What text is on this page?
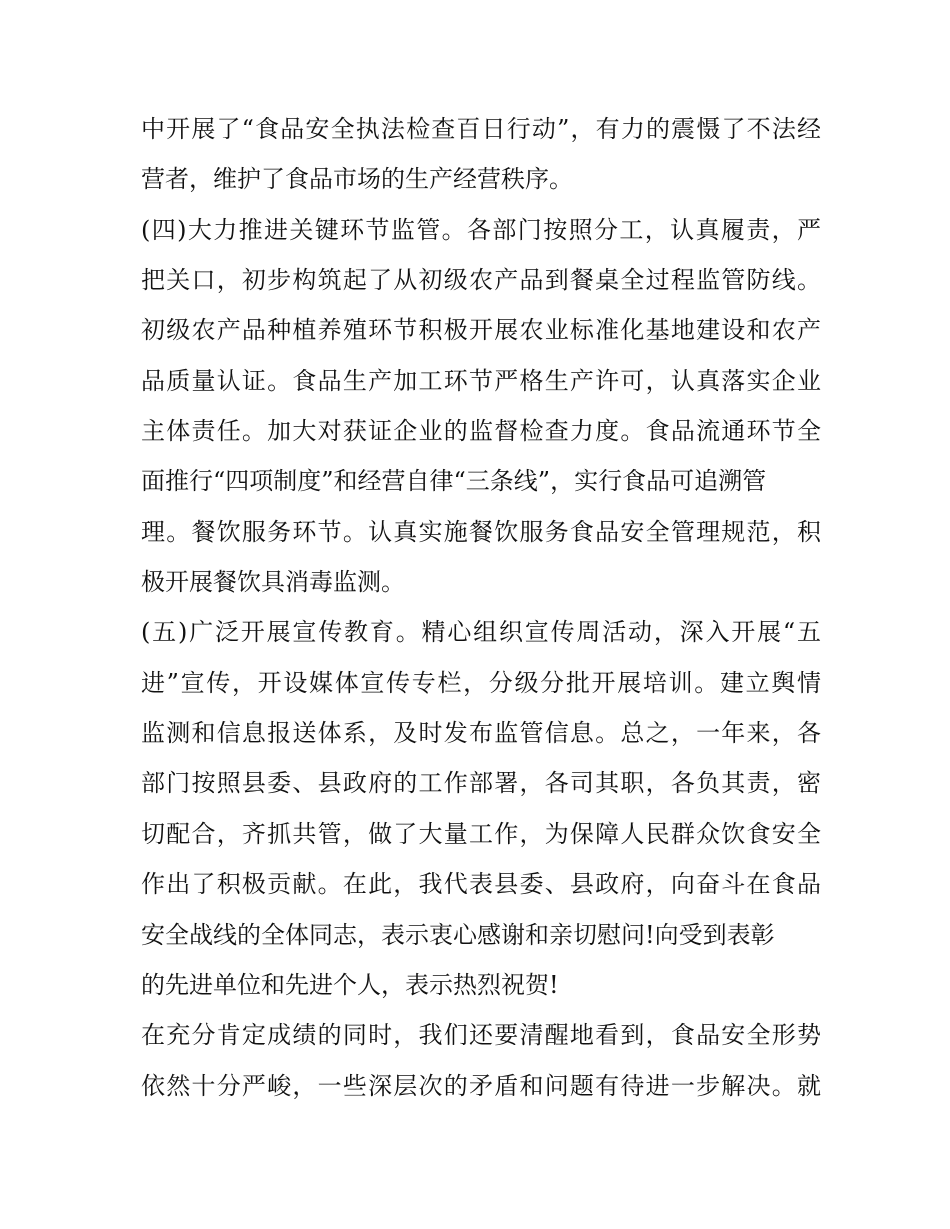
中开展了“食品安全执法检查百日行动”，有力的震慑了不法经
营者，维护了食品市场的生产经营秩序。
(四)大力推进关键环节监管。各部门按照分工，认真履责，严
把关口，初步构筑起了从初级农产品到餐桌全过程监管防线。
初级农产品种植养殖环节积极开展农业标准化基地建设和农产
品质量认证。食品生产加工环节严格生产许可，认真落实企业
主体责任。加大对获证企业的监督检查力度。食品流通环节全
面推行“四项制度”和经营自律“三条线”，实行食品可追溯管
理。餐饮服务环节。认真实施餐饮服务食品安全管理规范，积
极开展餐饮具消毒监测。
(五)广泛开展宣传教育。精心组织宣传周活动，深入开展“五
进”宣传，开设媒体宣传专栏，分级分批开展培训。建立舆情
监测和信息报送体系，及时发布监管信息。总之，一年来，各
部门按照县委、县政府的工作部署，各司其职，各负其责，密
切配合，齐抓共管，做了大量工作，为保障人民群众饮食安全
作出了积极贡献。在此，我代表县委、县政府，向奋斗在食品
安全战线的全体同志，表示衷心感谢和亲切慰问!向受到表彰
的先进单位和先进个人，表示热烈祝贺!
在充分肯定成绩的同时，我们还要清醒地看到，食品安全形势
依然十分严峻，一些深层次的矛盾和问题有待进一步解决。就
